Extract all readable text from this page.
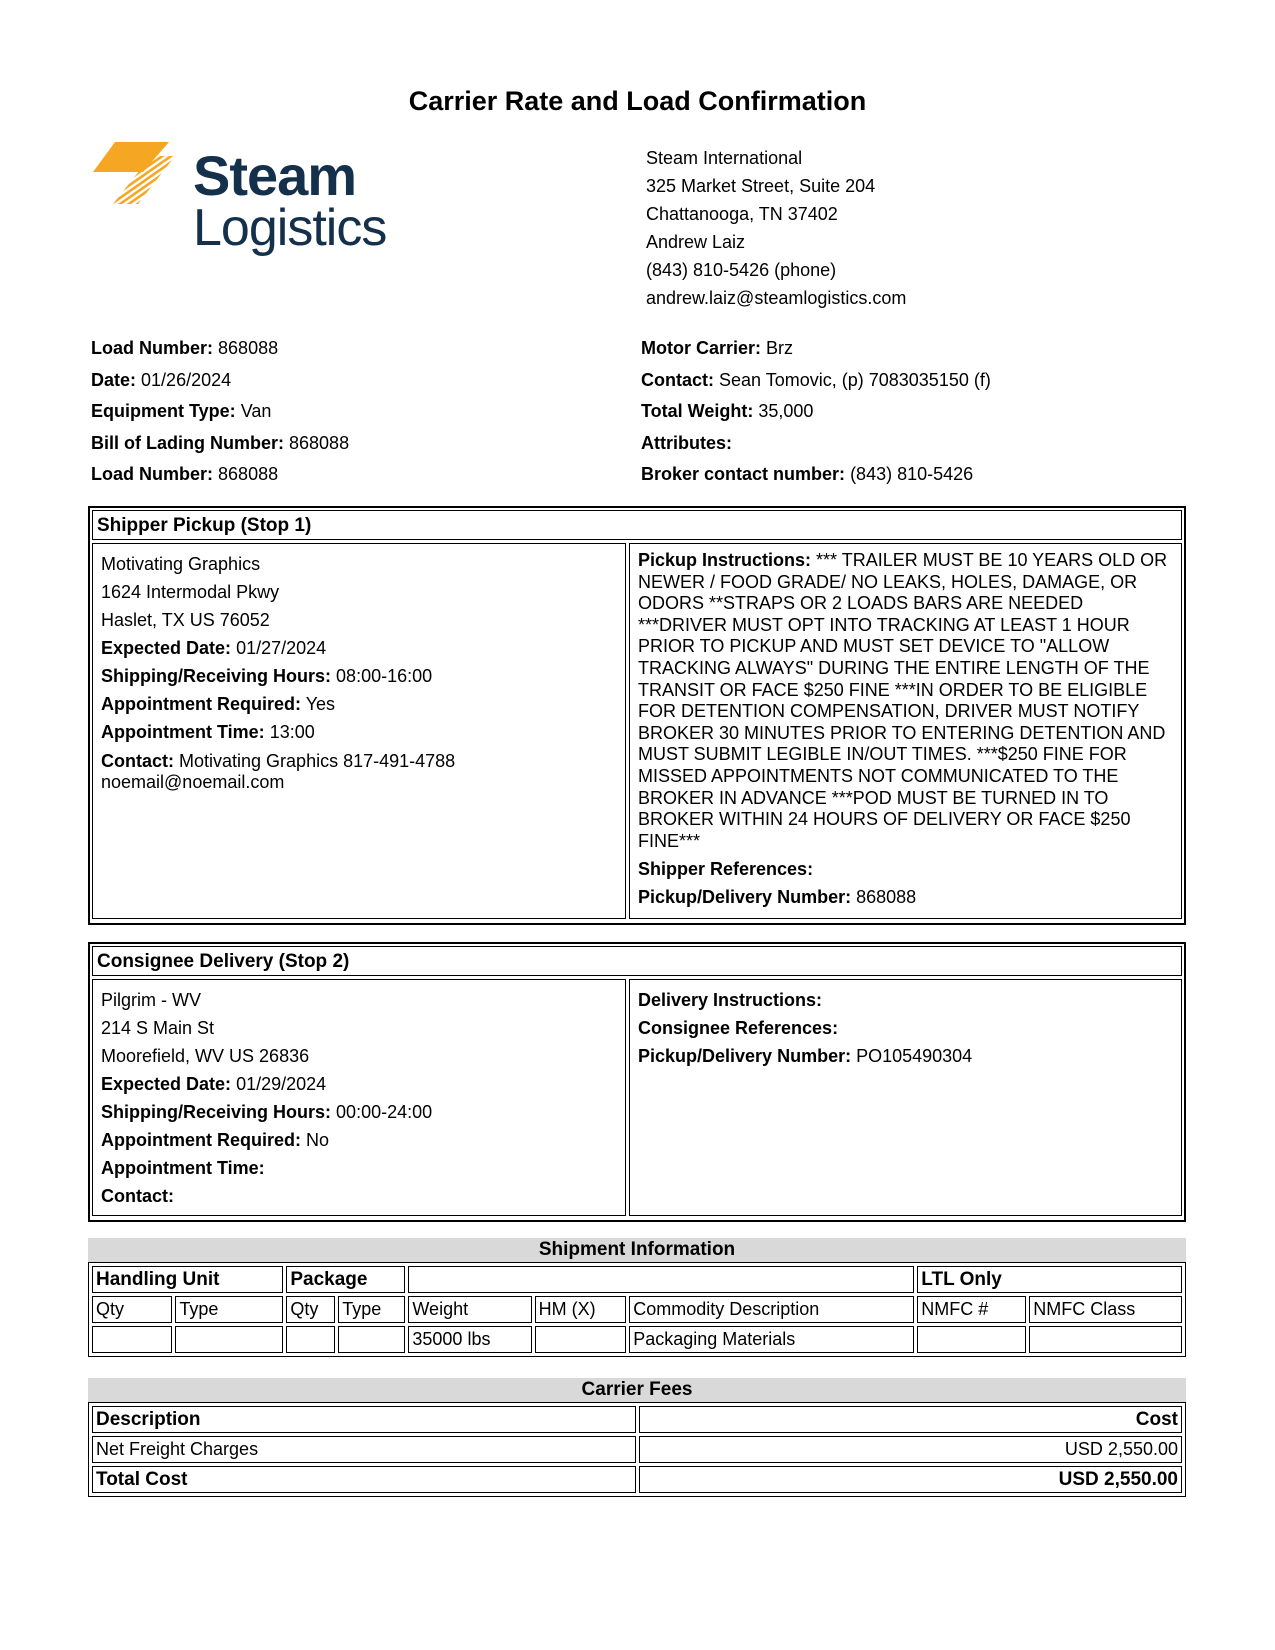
Carrier Rate and Load Confirmation
Steam
Logistics
Steam International
325 Market Street, Suite 204
Chattanooga, TN 37402
Andrew Laiz
(843) 810-5426 (phone)
andrew.laiz@steamlogistics.com
Load Number: 868088
Date: 01/26/2024
Equipment Type: Van
Bill of Lading Number: 868088
Load Number: 868088
Motor Carrier: Brz
Contact: Sean Tomovic, (p) 7083035150 (f)
Total Weight: 35,000
Attributes:
Broker contact number: (843) 810-5426
Shipper Pickup (Stop 1)
Motivating Graphics
1624 Intermodal Pkwy
Haslet, TX US 76052
Expected Date: 01/27/2024
Shipping/Receiving Hours: 08:00-16:00
Appointment Required: Yes
Appointment Time: 13:00
Contact: Motivating Graphics 817-491-4788
noemail@noemail.com
Pickup Instructions: *** TRAILER MUST BE 10 YEARS OLD OR NEWER / FOOD GRADE/ NO LEAKS, HOLES, DAMAGE, OR ODORS **STRAPS OR 2 LOADS BARS ARE NEEDED ***DRIVER MUST OPT INTO TRACKING AT LEAST 1 HOUR PRIOR TO PICKUP AND MUST SET DEVICE TO "ALLOW TRACKING ALWAYS" DURING THE ENTIRE LENGTH OF THE TRANSIT OR FACE $250 FINE ***IN ORDER TO BE ELIGIBLE FOR DETENTION COMPENSATION, DRIVER MUST NOTIFY BROKER 30 MINUTES PRIOR TO ENTERING DETENTION AND MUST SUBMIT LEGIBLE IN/OUT TIMES. ***$250 FINE FOR MISSED APPOINTMENTS NOT COMMUNICATED TO THE BROKER IN ADVANCE ***POD MUST BE TURNED IN TO BROKER WITHIN 24 HOURS OF DELIVERY OR FACE $250 FINE***
Shipper References:
Pickup/Delivery Number: 868088
Consignee Delivery (Stop 2)
Pilgrim - WV
214 S Main St
Moorefield, WV US 26836
Expected Date: 01/29/2024
Shipping/Receiving Hours: 00:00-24:00
Appointment Required: No
Appointment Time:
Contact:
Delivery Instructions:
Consignee References:
Pickup/Delivery Number: PO105490304
Shipment Information
Handling Unit		Package					LTL Only	
Qty	Type	Qty	Type	Weight	HM (X)	Commodity Description	NMFC #	NMFC Class
				35000 lbs		Packaging Materials		
Carrier Fees
Description	Cost
Net Freight Charges	USD 2,550.00
Total Cost	USD 2,550.00
